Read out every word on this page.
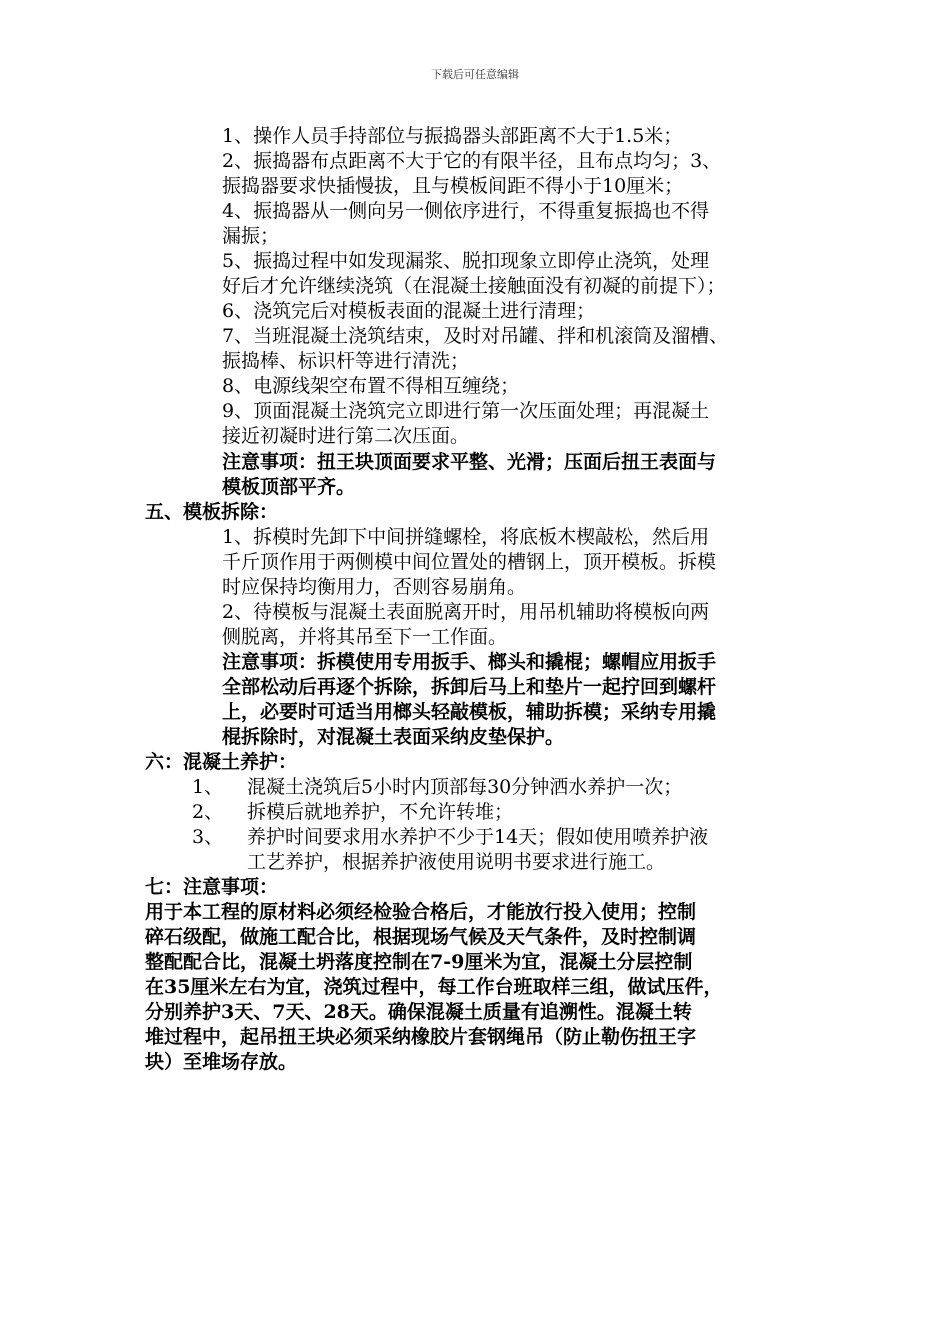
下载后可任意编辑
1、操作人员手持部位与振捣器头部距离不大于1.5米；
2、振捣器布点距离不大于它的有限半径，且布点均匀；3、
振捣器要求快插慢拔，且与模板间距不得小于10厘米；
4、振捣器从一侧向另一侧依序进行，不得重复振捣也不得
漏振；
5、振捣过程中如发现漏浆、脱扣现象立即停止浇筑，处理
好后才允许继续浇筑（在混凝土接触面没有初凝的前提下）；
6、浇筑完后对模板表面的混凝土进行清理；
7、当班混凝土浇筑结束，及时对吊罐、拌和机滚筒及溜槽、
振捣棒、标识杆等进行清洗；
8、电源线架空布置不得相互缠绕；
9、顶面混凝土浇筑完立即进行第一次压面处理；再混凝土
接近初凝时进行第二次压面。
注意事项：扭王块顶面要求平整、光滑；压面后扭王表面与
模板顶部平齐。
五、模板拆除：
1、拆模时先卸下中间拼缝螺栓，将底板木楔敲松，然后用
千斤顶作用于两侧模中间位置处的槽钢上，顶开模板。拆模
时应保持均衡用力，否则容易崩角。
2、待模板与混凝土表面脱离开时，用吊机辅助将模板向两
侧脱离，并将其吊至下一工作面。
注意事项：拆模使用专用扳手、榔头和撬棍；螺帽应用扳手
全部松动后再逐个拆除，拆卸后马上和垫片一起拧回到螺杆
上，必要时可适当用榔头轻敲模板，辅助拆模；采纳专用撬
棍拆除时，对混凝土表面采纳皮垫保护。
六：混凝土养护：
1、 混凝土浇筑后5小时内顶部每30分钟洒水养护一次；
2、 拆模后就地养护，不允许转堆；
3、 养护时间要求用水养护不少于14天；假如使用喷养护液
工艺养护，根据养护液使用说明书要求进行施工。
七：注意事项：
用于本工程的原材料必须经检验合格后，才能放行投入使用；控制
碎石级配，做施工配合比，根据现场气候及天气条件，及时控制调
整配配合比，混凝土坍落度控制在7-9厘米为宜，混凝土分层控制
在35厘米左右为宜，浇筑过程中，每工作台班取样三组，做试压件，
分别养护3天、7天、28天。确保混凝土质量有追溯性。混凝土转
堆过程中，起吊扭王块必须采纳橡胶片套钢绳吊（防止勒伤扭王字
块）至堆场存放。
